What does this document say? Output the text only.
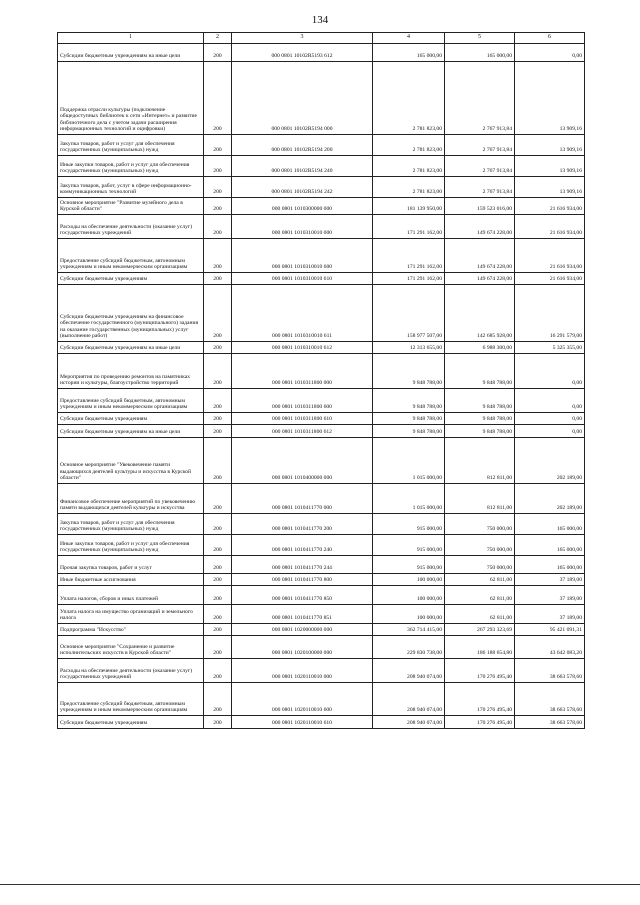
134
1	2	3	4	5	6
Субсидии бюджетным учреждениям на иные цели	200	000 0801 10102R5193 612	165 000,00	165 000,00	0,00
Поддержка отрасли культуры (подключение общедоступных библиотек к сети «Интернет» и развитие библиотечного дела с учетом задачи расширения информационных технологий и оцифровки)	200	000 0801 10102R5194 000	2 781 823,00	2 767 913,84	13 909,16
Закупка товаров, работ и услуг для обеспечения государственных (муниципальных) нужд	200	000 0801 10102R5194 200	2 781 823,00	2 767 913,84	13 909,16
Иные закупки товаров, работ и услуг для обеспечения государственных (муниципальных) нужд	200	000 0801 10102R5194 240	2 781 823,00	2 767 913,84	13 909,16
Закупка товаров, работ, услуг в сфере информационно-коммуникационных технологий	200	000 0801 10102R5194 242	2 781 823,00	2 767 913,84	13 909,16
Основное мероприятие "Развитие музейного дела в Курской области"	200	000 0801 1010300000 000	181 139 950,00	159 523 016,00	21 616 934,00
Расходы на обеспечение деятельности (оказание услуг) государственных учреждений	200	000 0801 1010310010 000	171 291 162,00	149 674 228,00	21 616 934,00
Предоставление субсидий бюджетным, автономным учреждениям и иным некоммерческим организациям	200	000 0801 1010310010 600	171 291 162,00	149 674 228,00	21 616 934,00
Субсидии бюджетным учреждениям	200	000 0801 1010310010 610	171 291 162,00	149 674 228,00	21 616 934,00
Субсидии бюджетным учреждениям на финансовое обеспечение государственного (муниципального) задания на оказание государственных (муниципальных) услуг (выполнение работ)	200	000 0801 1010310010 611	158 977 507,00	142 685 928,00	16 291 579,00
Субсидии бюджетным учреждениям на иные цели	200	000 0801 1010310010 612	12 313 655,00	6 988 300,00	5 325 355,00
Мероприятия по проведению ремонтов на памятниках истории и культуры, благоустройство территорий	200	000 0801 1010311800 000	9 848 788,00	9 848 788,00	0,00
Предоставление субсидий бюджетным, автономным учреждениям и иным некоммерческим организациям	200	000 0801 1010311800 600	9 848 788,00	9 848 788,00	0,00
Субсидии бюджетным учреждениям	200	000 0801 1010311800 610	9 848 788,00	9 848 788,00	0,00
Субсидии бюджетным учреждениям на иные цели	200	000 0801 1010311800 612	9 848 788,00	9 848 788,00	0,00
Основное мероприятие "Увековечение памяти выдающихся деятелей культуры и искусства в Курской области"	200	000 0801 1010400000 000	1 015 000,00	812 811,00	202 189,00
Финансовое обеспечение мероприятий по увековечению памяти выдающихся деятелей культуры и искусства	200	000 0801 1010411770 000	1 015 000,00	812 811,00	202 189,00
Закупка товаров, работ и услуг для обеспечения государственных (муниципальных) нужд	200	000 0801 1010411770 200	915 000,00	750 000,00	165 000,00
Иные закупки товаров, работ и услуг для обеспечения государственных (муниципальных) нужд	200	000 0801 1010411770 240	915 000,00	750 000,00	165 000,00
Прочая закупка товаров, работ и услуг	200	000 0801 1010411770 244	915 000,00	750 000,00	165 000,00
Иные бюджетные ассигнования	200	000 0801 1010411770 800	100 000,00	62 811,00	37 189,00
Уплата налогов, сборов и иных платежей	200	000 0801 1010411770 850	100 000,00	62 811,00	37 189,00
Уплата налога на имущество организаций и земельного налога	200	000 0801 1010411770 851	100 000,00	62 811,00	37 189,00
Подпрограмма "Искусство"	200	000 0801 1020000000 000	362 714 415,00	267 293 323,69	95 421 091,31
Основное мероприятие "Сохранение и развитие исполнительских искусств в Курской области"	200	000 0801 1020100000 000	229 830 738,00	186 188 654,80	43 642 083,20
Расходы на обеспечение деятельности (оказание услуг) государственных учреждений	200	000 0801 1020110010 000	208 940 074,00	170 276 495,40	38 663 578,60
Предоставление субсидий бюджетным, автономным учреждениям и иным некоммерческим организациям	200	000 0801 1020110010 600	208 940 074,00	170 276 495,40	38 663 578,60
Субсидии бюджетным учреждениям	200	000 0801 1020110010 610	208 940 074,00	170 276 495,40	38 663 578,60
